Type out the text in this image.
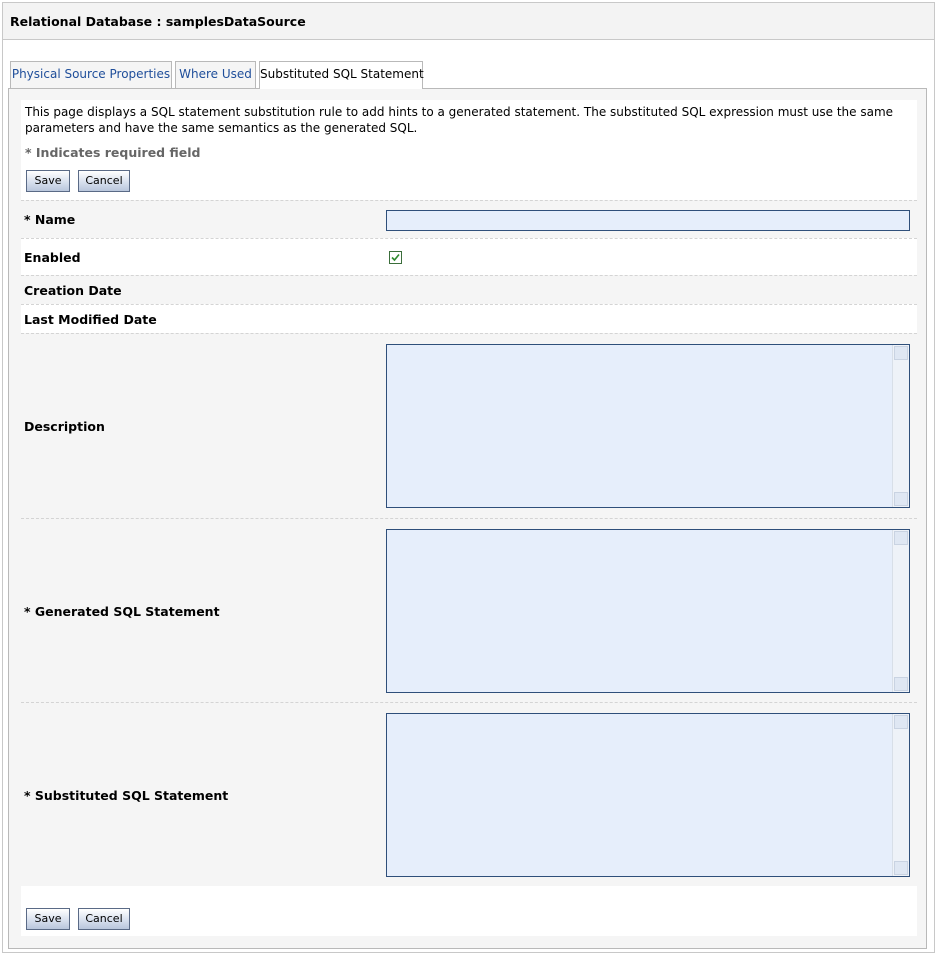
Relational Database : samplesDataSource
Physical Source Properties Where Used Substituted SQL Statement
This page displays a SQL statement substitution rule to add hints to a generated statement. The substituted SQL expression must use the same parameters and have the same semantics as the generated SQL.
* Indicates required field
Save	Cancel
* Name
Enabled
Creation Date
Last Modified Date
Description
* Generated SQL Statement
* Substituted SQL Statement
Save	Cancel
